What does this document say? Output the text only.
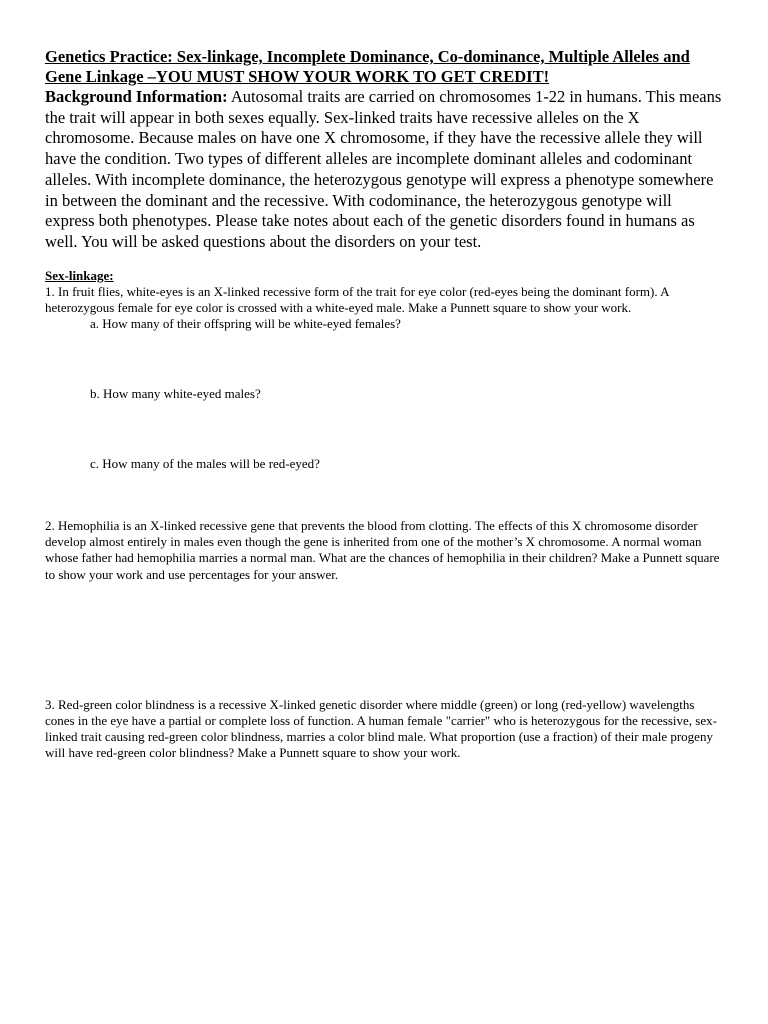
Genetics Practice: Sex-linkage, Incomplete Dominance, Co-dominance, Multiple Alleles and Gene Linkage –YOU MUST SHOW YOUR WORK TO GET CREDIT!

Background Information: Autosomal traits are carried on chromosomes 1-22 in humans. This means the trait will appear in both sexes equally. Sex-linked traits have recessive alleles on the X chromosome. Because males on have one X chromosome, if they have the recessive allele they will have the condition. Two types of different alleles are incomplete dominant alleles and codominant alleles. With incomplete dominance, the heterozygous genotype will express a phenotype somewhere in between the dominant and the recessive. With codominance, the heterozygous genotype will express both phenotypes. Please take notes about each of the genetic disorders found in humans as well. You will be asked questions about the disorders on your test.

Sex-linkage:

1. In fruit flies, white-eyes is an X-linked recessive form of the trait for eye color (red-eyes being the dominant form). A heterozygous female for eye color is crossed with a white-eyed male. Make a Punnett square to show your work.

a. How many of their offspring will be white-eyed females?

b. How many white-eyed males?

c. How many of the males will be red-eyed?

2. Hemophilia is an X-linked recessive gene that prevents the blood from clotting. The effects of this X chromosome disorder develop almost entirely in males even though the gene is inherited from one of the mother’s X chromosome. A normal woman whose father had hemophilia marries a normal man. What are the chances of hemophilia in their children? Make a Punnett square to show your work and use percentages for your answer.

3. Red-green color blindness is a recessive X-linked genetic disorder where middle (green) or long (red-yellow) wavelengths cones in the eye have a partial or complete loss of function. A human female "carrier" who is heterozygous for the recessive, sex-linked trait causing red-green color blindness, marries a color blind male. What proportion (use a fraction) of their male progeny will have red-green color blindness? Make a Punnett square to show your work.
